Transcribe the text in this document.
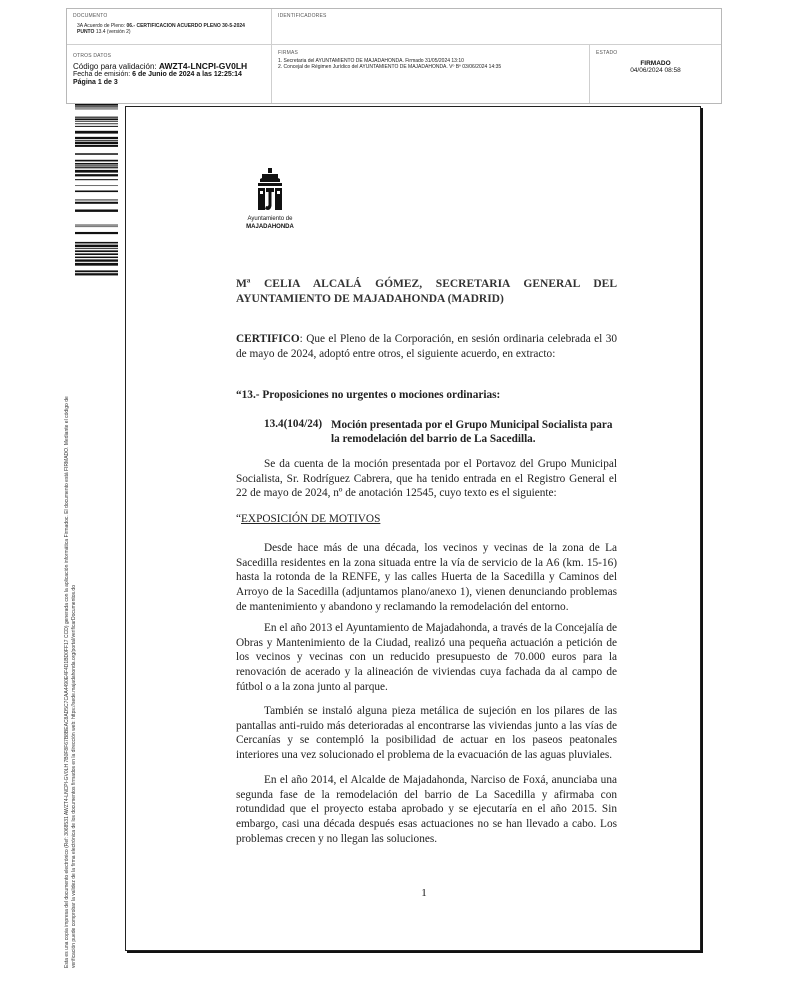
DOCUMENTO
3A Acuerdo de Pleno: 06.- CERTIFICACION ACUERDO PLENO 30-5-2024
PUNTO 13.4 (versión 2)
IDENTIFICADORES
OTROS DATOS
Código para validación: AWZT4-LNCPI-GV0LH
Fecha de emisión: 6 de Junio de 2024 a las 12:25:14
Página 1 de 3
FIRMAS
1. Secretaria del AYUNTAMIENTO DE MAJADAHONDA. Firmado 31/05/2024 13:10
2. Concejal de Régimen Jurídico del AYUNTAMIENTO DE MAJADAHONDA. Vº Bº 03/06/2024 14:35
ESTADO
FIRMADO
04/06/2024 08:58
Esta es una copia impresa del documento electrónico (Ref: 3068531 AWZT4-LNCPI-GV0LH 7B0F8F67B8BEAC8AD5C7CAA4490E4F4D1BD0FF17 CCD) generada con la aplicación informática Firmadoc. El documento está FIRMADO. Mediante el código de verificación puede comprobar la validez de la firma electrónica de los documentos firmados en la dirección web: https://sede.majadahonda.org/portal/verificarDocumentos.do
Ayuntamiento de
MAJADAHONDA
Mª CELIA ALCALÁ GÓMEZ, SECRETARIA GENERAL DEL AYUNTAMIENTO DE MAJADAHONDA (MADRID)
CERTIFICO: Que el Pleno de la Corporación, en sesión ordinaria celebrada el 30 de mayo de 2024, adoptó entre otros, el siguiente acuerdo, en extracto:
“13.- Proposiciones no urgentes o mociones ordinarias:
13.4(104/24) Moción presentada por el Grupo Municipal Socialista para la remodelación del barrio de La Sacedilla.
Se da cuenta de la moción presentada por el Portavoz del Grupo Municipal Socialista, Sr. Rodríguez Cabrera, que ha tenido entrada en el Registro General el 22 de mayo de 2024, nº de anotación 12545, cuyo texto es el siguiente:
“EXPOSICIÓN DE MOTIVOS
Desde hace más de una década, los vecinos y vecinas de la zona de La Sacedilla residentes en la zona situada entre la vía de servicio de la A6 (km. 15-16) hasta la rotonda de la RENFE, y las calles Huerta de la Sacedilla y Caminos del Arroyo de la Sacedilla (adjuntamos plano/anexo 1), vienen denunciando problemas de mantenimiento y abandono y reclamando la remodelación del entorno.
En el año 2013 el Ayuntamiento de Majadahonda, a través de la Concejalía de Obras y Mantenimiento de la Ciudad, realizó una pequeña actuación a petición de los vecinos y vecinas con un reducido presupuesto de 70.000 euros para la renovación de acerado y la alineación de viviendas cuya fachada da al campo de fútbol o a la zona junto al parque.
También se instaló alguna pieza metálica de sujeción en los pilares de las pantallas anti-ruido más deterioradas al encontrarse las viviendas junto a las vías de Cercanías y se contempló la posibilidad de actuar en los paseos peatonales interiores una vez solucionado el problema de la evacuación de las aguas pluviales.
En el año 2014, el Alcalde de Majadahonda, Narciso de Foxá, anunciaba una segunda fase de la remodelación del barrio de La Sacedilla y afirmaba con rotundidad que el proyecto estaba aprobado y se ejecutaría en el año 2015. Sin embargo, casi una década después esas actuaciones no se han llevado a cabo. Los problemas crecen y no llegan las soluciones.
1
